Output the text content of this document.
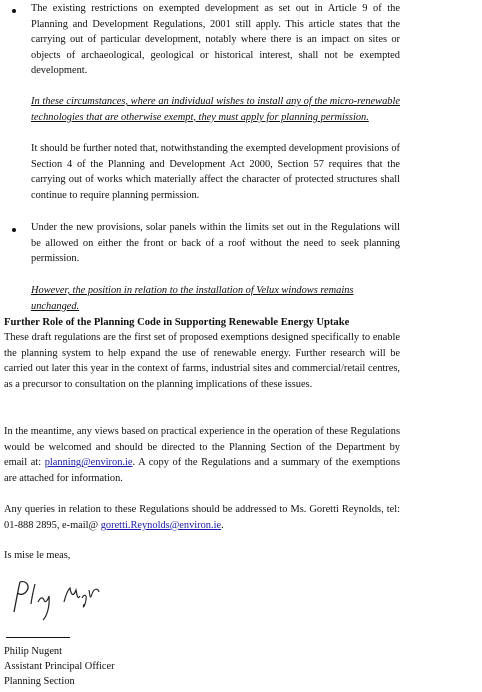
The existing restrictions on exempted development as set out in Article 9 of the Planning and Development Regulations, 2001 still apply. This article states that the carrying out of particular development, notably where there is an impact on sites or objects of archaeological, geological or historical interest, shall not be exempted development.

In these circumstances, where an individual wishes to install any of the micro-renewable technologies that are otherwise exempt, they must apply for planning permission.

It should be further noted that, notwithstanding the exempted development provisions of Section 4 of the Planning and Development Act 2000, Section 57 requires that the carrying out of works which materially affect the character of protected structures shall continue to require planning permission.

Under the new provisions, solar panels within the limits set out in the Regulations will be allowed on either the front or back of a roof without the need to seek planning permission.

However, the position in relation to the installation of Velux windows remains unchanged.

Further Role of the Planning Code in Supporting Renewable Energy Uptake

These draft regulations are the first set of proposed exemptions designed specifically to enable the planning system to help expand the use of renewable energy. Further research will be carried out later this year in the context of farms, industrial sites and commercial/retail centres, as a precursor to consultation on the planning implications of these issues.

In the meantime, any views based on practical experience in the operation of these Regulations would be welcomed and should be directed to the Planning Section of the Department by email at: planning@environ.ie. A copy of the Regulations and a summary of the exemptions are attached for information.

Any queries in relation to these Regulations should be addressed to Ms. Goretti Reynolds, tel: 01-888 2895, e-mail@ goretti.Reynolds@environ.ie.

Is mise le meas,

Philip Nugent

Assistant Principal Officer

Planning Section
